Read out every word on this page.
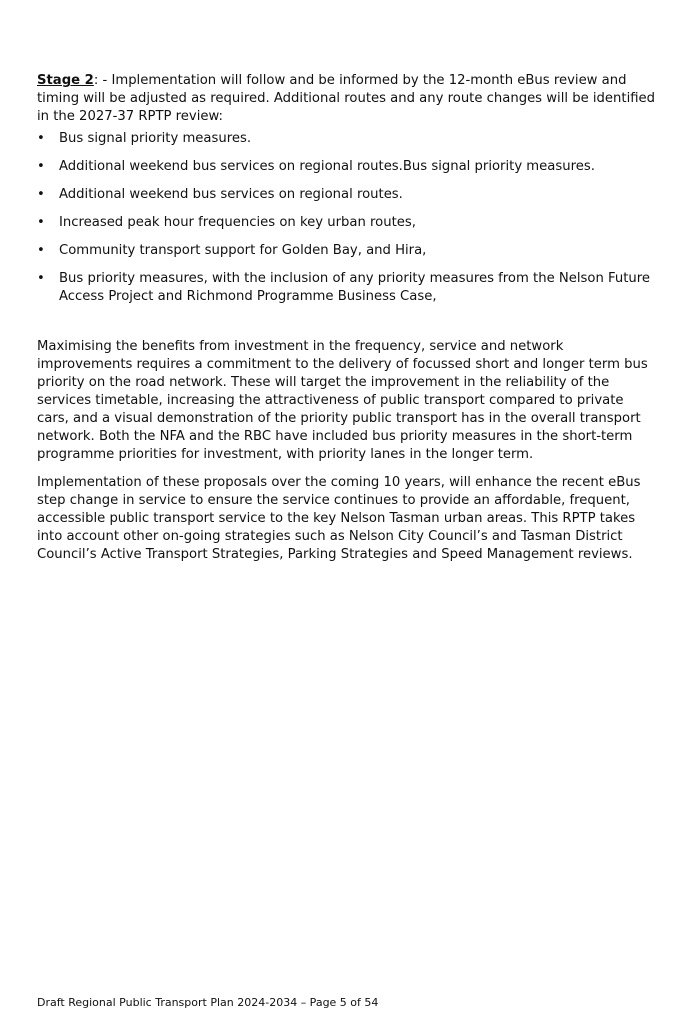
Stage 2: - Implementation will follow and be informed by the 12-month eBus review and timing will be adjusted as required. Additional routes and any route changes will be identified in the 2027-37 RPTP review:

•	Bus signal priority measures.
•	Additional weekend bus services on regional routes.Bus signal priority measures.
•	Additional weekend bus services on regional routes.
•	Increased peak hour frequencies on key urban routes,
•	Community transport support for Golden Bay, and Hira,
•	Bus priority measures, with the inclusion of any priority measures from the Nelson Future Access Project and Richmond Programme Business Case,

Maximising the benefits from investment in the frequency, service and network improvements requires a commitment to the delivery of focussed short and longer term bus priority on the road network. These will target the improvement in the reliability of the services timetable, increasing the attractiveness of public transport compared to private cars, and a visual demonstration of the priority public transport has in the overall transport network. Both the NFA and the RBC have included bus priority measures in the short-term programme priorities for investment, with priority lanes in the longer term.

Implementation of these proposals over the coming 10 years, will enhance the recent eBus step change in service to ensure the service continues to provide an affordable, frequent, accessible public transport service to the key Nelson Tasman urban areas. This RPTP takes into account other on-going strategies such as Nelson City Council’s and Tasman District Council’s Active Transport Strategies, Parking Strategies and Speed Management reviews.

Draft Regional Public Transport Plan 2024-2034 – Page 5 of 54
